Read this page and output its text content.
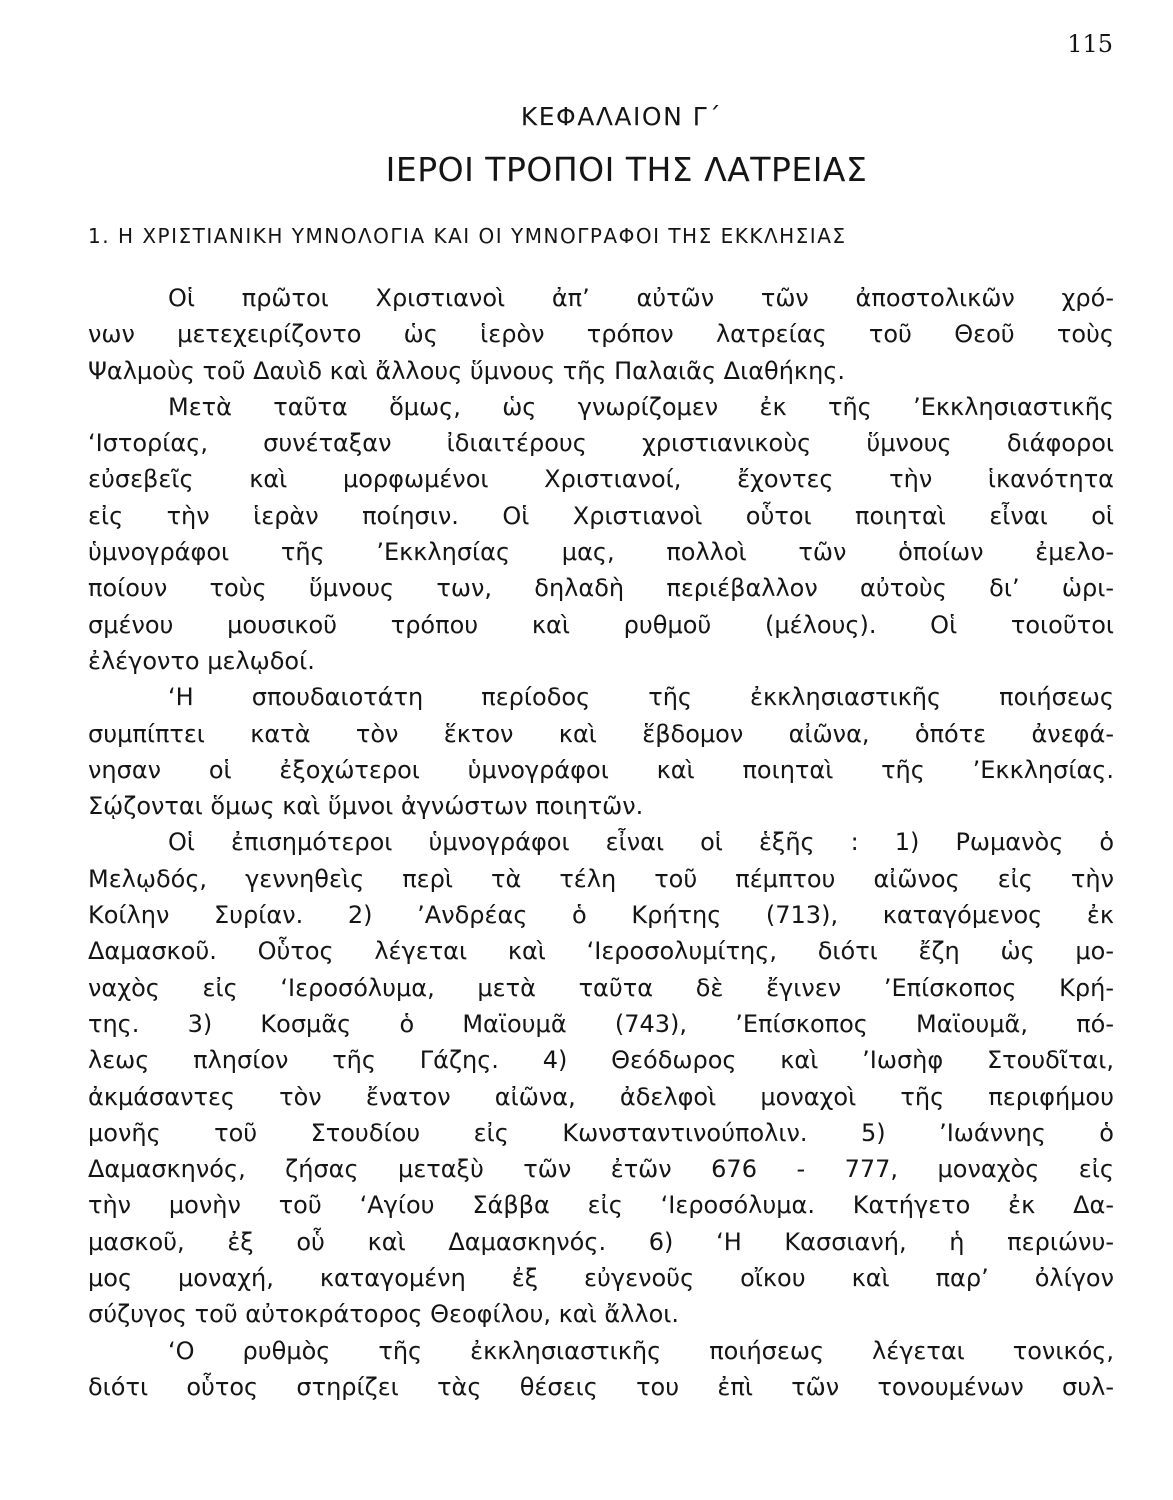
115
ΚΕΦΑΛΑΙΟΝ Γ΄
ΙΕΡΟΙ ΤΡΟΠΟΙ ΤΗΣ ΛΑΤΡΕΙΑΣ
1. Η ΧΡΙΣΤΙΑΝΙΚΗ ΥΜΝΟΛΟΓΙΑ ΚΑΙ ΟΙ ΥΜΝΟΓΡΑΦΟΙ ΤΗΣ ΕΚΚΛΗΣΙΑΣ

Οἱ πρῶτοι Χριστιανοὶ ἀπ’ αὐτῶν τῶν ἀποστολικῶν χρό-
νων μετεχειρίζοντο ὡς ἱερὸν τρόπον λατρείας τοῦ Θεοῦ τοὺς
Ψαλμοὺς τοῦ Δαυὶδ καὶ ἄλλους ὕμνους τῆς Παλαιᾶς Διαθήκης.

Μετὰ ταῦτα ὅμως, ὡς γνωρίζομεν ἐκ τῆς ’Εκκλησιαστικῆς
‘Ιστορίας, συνέταξαν ἰδιαιτέρους χριστιανικοὺς ὕμνους διάφοροι
εὐσεβεῖς καὶ μορφωμένοι Χριστιανοί, ἔχοντες τὴν ἱκανότητα
εἰς τὴν ἱερὰν ποίησιν. Οἱ Χριστιανοὶ οὗτοι ποιηταὶ εἶναι οἱ
ὑμνογράφοι τῆς ’Εκκλησίας μας, πολλοὶ τῶν ὁποίων ἐμελο-
ποίουν τοὺς ὕμνους των, δηλαδὴ περιέβαλλον αὐτοὺς δι’ ὡρι-
σμένου μουσικοῦ τρόπου καὶ ρυθμοῦ (μέλους). Οἱ τοιοῦτοι
ἐλέγοντο μελῳδοί.

‘Η σπουδαιοτάτη περίοδος τῆς ἐκκλησιαστικῆς ποιήσεως
συμπίπτει κατὰ τὸν ἕκτον καὶ ἕβδομον αἰῶνα, ὁπότε ἀνεφά-
νησαν οἱ ἐξοχώτεροι ὑμνογράφοι καὶ ποιηταὶ τῆς ’Εκκλησίας.
Σῴζονται ὅμως καὶ ὕμνοι ἀγνώστων ποιητῶν.

Οἱ ἐπισημότεροι ὑμνογράφοι εἶναι οἱ ἑξῆς : 1) Ρωμανὸς ὁ
Μελῳδός, γεννηθεὶς περὶ τὰ τέλη τοῦ πέμπτου αἰῶνος εἰς τὴν
Κοίλην Συρίαν. 2) ’Ανδρέας ὁ Κρήτης (713), καταγόμενος ἐκ
Δαμασκοῦ. Οὗτος λέγεται καὶ ‘Ιεροσολυμίτης, διότι ἔζη ὡς μο-
ναχὸς εἰς ‘Ιεροσόλυμα, μετὰ ταῦτα δὲ ἔγινεν ’Επίσκοπος Κρή-
της. 3) Κοσμᾶς ὁ Μαϊουμᾶ (743), ’Επίσκοπος Μαϊουμᾶ, πό-
λεως πλησίον τῆς Γάζης. 4) Θεόδωρος καὶ ’Ιωσὴφ Στουδῖται,
ἀκμάσαντες τὸν ἔνατον αἰῶνα, ἀδελφοὶ μοναχοὶ τῆς περιφήμου
μονῆς τοῦ Στουδίου εἰς Κωνσταντινούπολιν. 5) ’Ιωάννης ὁ
Δαμασκηνός, ζήσας μεταξὺ τῶν ἐτῶν 676 - 777, μοναχὸς εἰς
τὴν μονὴν τοῦ ‘Αγίου Σάββα εἰς ‘Ιεροσόλυμα. Κατήγετο ἐκ Δα-
μασκοῦ, ἐξ οὗ καὶ Δαμασκηνός. 6) ‘Η Κασσιανή, ἡ περιώνυ-
μος μοναχή, καταγομένη ἐξ εὐγενοῦς οἴκου καὶ παρ’ ὀλίγον
σύζυγος τοῦ αὐτοκράτορος Θεοφίλου, καὶ ἄλλοι.

‘Ο ρυθμὸς τῆς ἐκκλησιαστικῆς ποιήσεως λέγεται τονικός,
διότι οὗτος στηρίζει τὰς θέσεις του ἐπὶ τῶν τονουμένων συλ-
